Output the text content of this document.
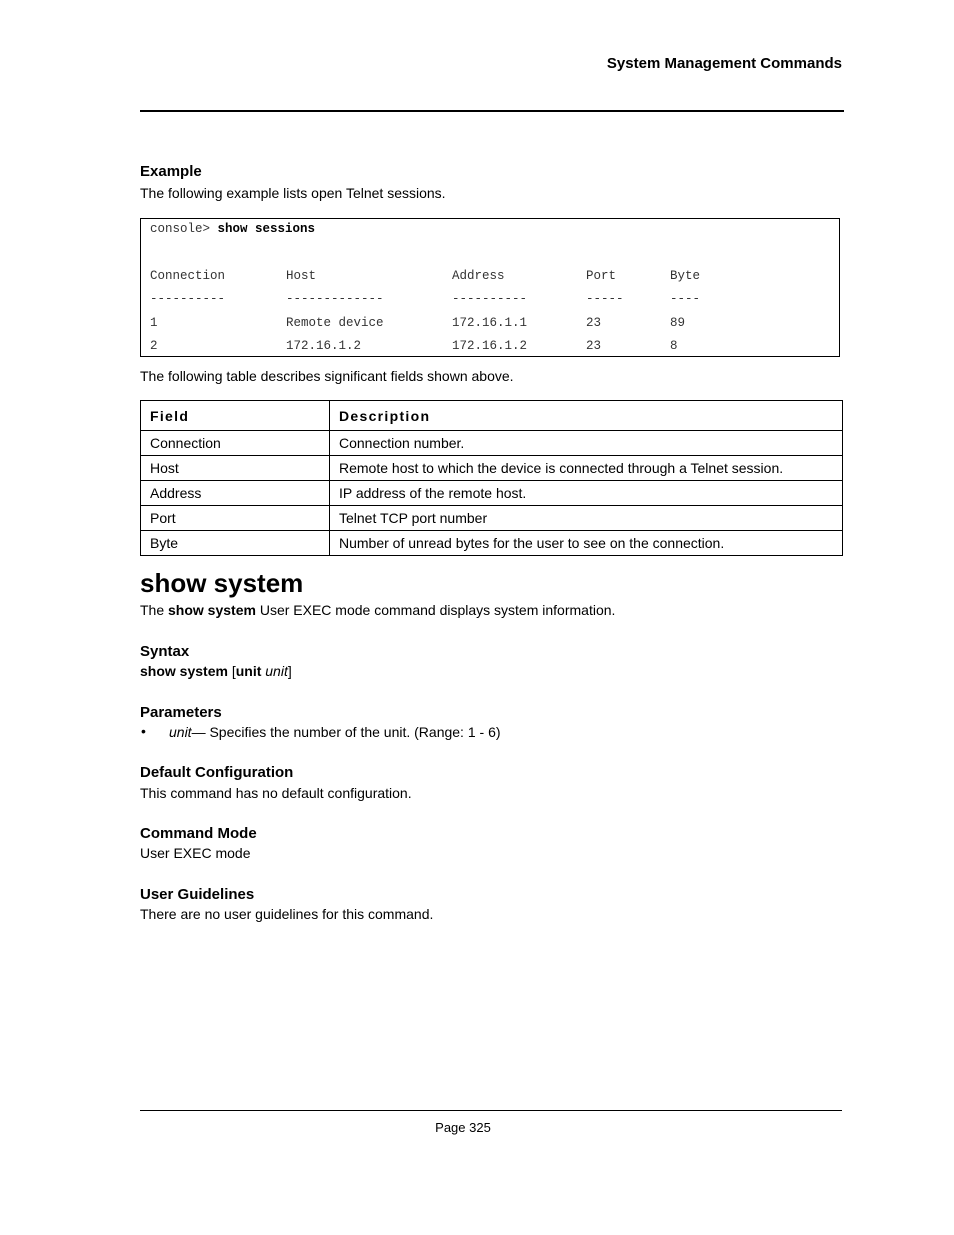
System Management Commands
Example
The following example lists open Telnet sessions.
console> show sessions
Connection	Host	Address	Port	Byte
----------	-------------	----------	-----	----
1	Remote device	172.16.1.1	23	89
2	172.16.1.2	172.16.1.2	23	8
The following table describes significant fields shown above.
Field	Description
Connection	Connection number.
Host	Remote host to which the device is connected through a Telnet session.
Address	IP address of the remote host.
Port	Telnet TCP port number
Byte	Number of unread bytes for the user to see on the connection.
show system
The show system User EXEC mode command displays system information.
Syntax
show system [unit unit]
Parameters
• unit— Specifies the number of the unit. (Range: 1 - 6)
Default Configuration
This command has no default configuration.
Command Mode
User EXEC mode
User Guidelines
There are no user guidelines for this command.
Page 325
